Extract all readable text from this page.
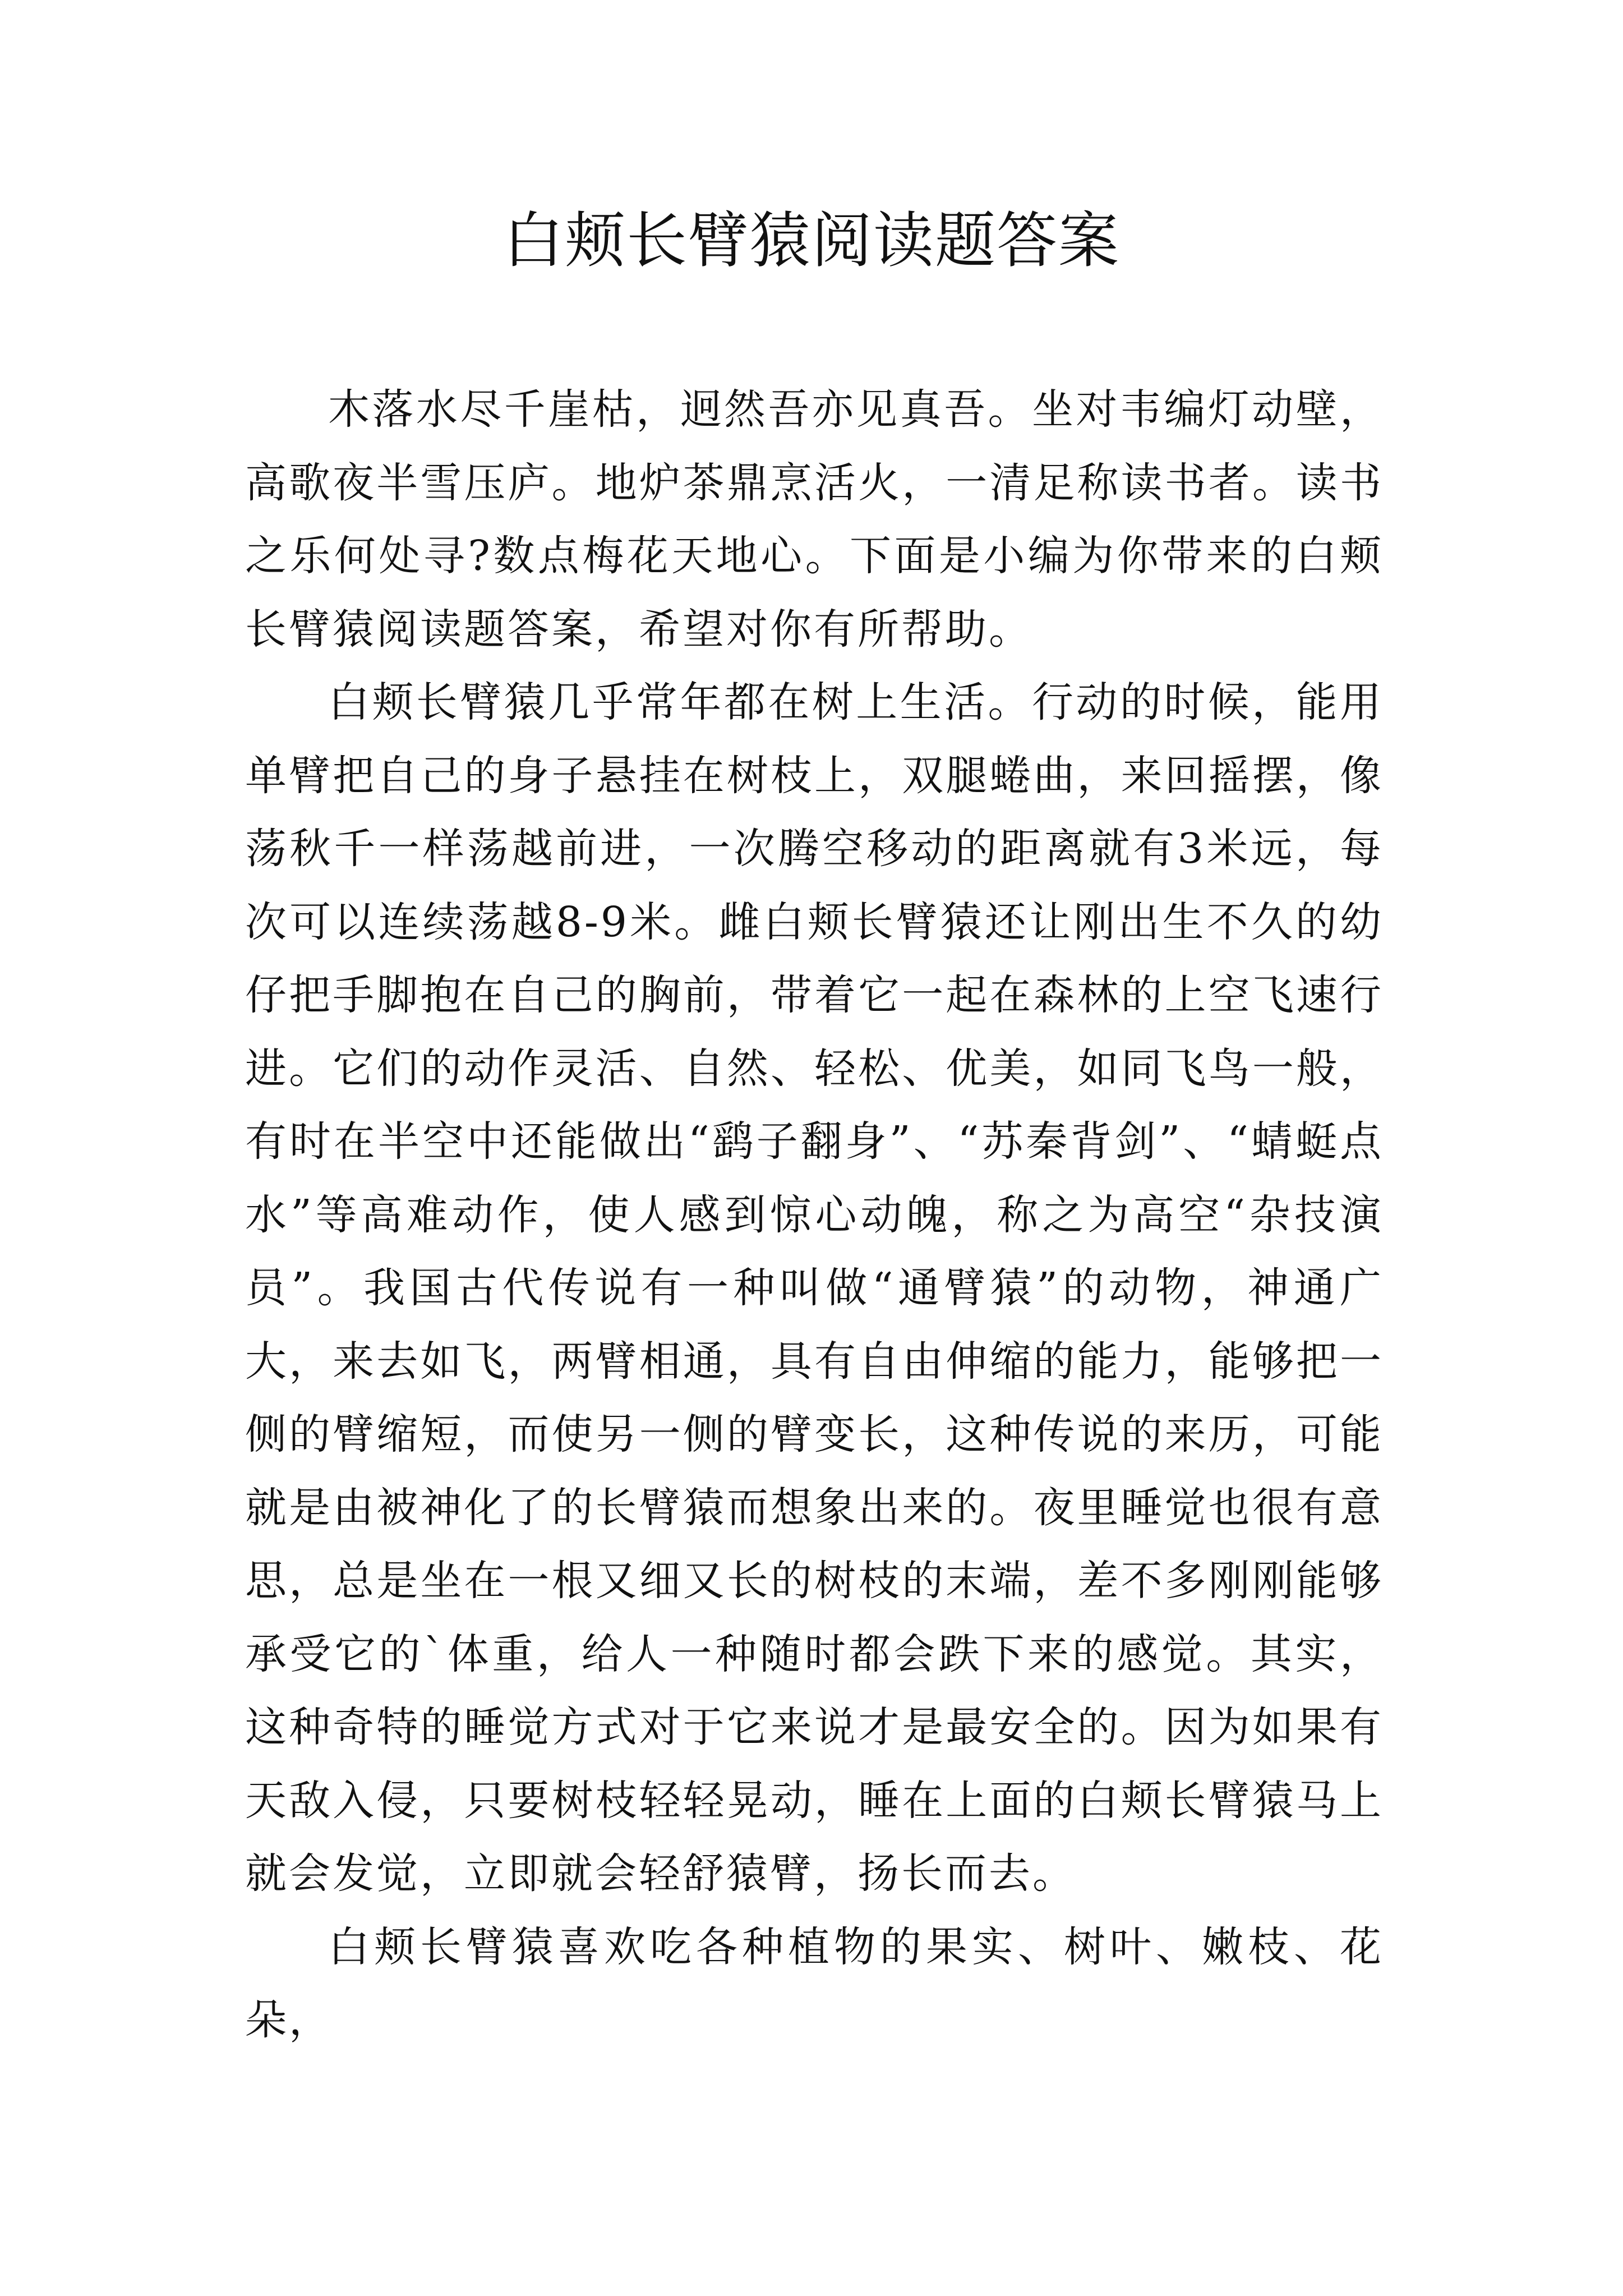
白颊长臂猿阅读题答案

木落水尽千崖枯，迥然吾亦见真吾。坐对韦编灯动壁，高歌夜半雪压庐。地炉茶鼎烹活火，一清足称读书者。读书之乐何处寻?数点梅花天地心。下面是小编为你带来的白颊长臂猿阅读题答案，希望对你有所帮助。

白颊长臂猿几乎常年都在树上生活。行动的时候，能用单臂把自己的身子悬挂在树枝上，双腿蜷曲，来回摇摆，像荡秋千一样荡越前进，一次腾空移动的距离就有3米远，每次可以连续荡越8-9米。雌白颊长臂猿还让刚出生不久的幼仔把手脚抱在自己的胸前，带着它一起在森林的上空飞速行进。它们的动作灵活、自然、轻松、优美，如同飞鸟一般，有时在半空中还能做出“鹞子翻身”、“苏秦背剑”、“蜻蜓点水”等高难动作，使人感到惊心动魄，称之为高空“杂技演员”。我国古代传说有一种叫做“通臂猿”的动物，神通广大，来去如飞，两臂相通，具有自由伸缩的能力，能够把一侧的臂缩短，而使另一侧的臂变长，这种传说的来历，可能就是由被神化了的长臂猿而想象出来的。夜里睡觉也很有意思，总是坐在一根又细又长的树枝的末端，差不多刚刚能够承受它的`体重，给人一种随时都会跌下来的感觉。其实，这种奇特的睡觉方式对于它来说才是最安全的。因为如果有天敌入侵，只要树枝轻轻晃动，睡在上面的白颊长臂猿马上就会发觉，立即就会轻舒猿臂，扬长而去。

白颊长臂猿喜欢吃各种植物的果实、树叶、嫩枝、花朵，
